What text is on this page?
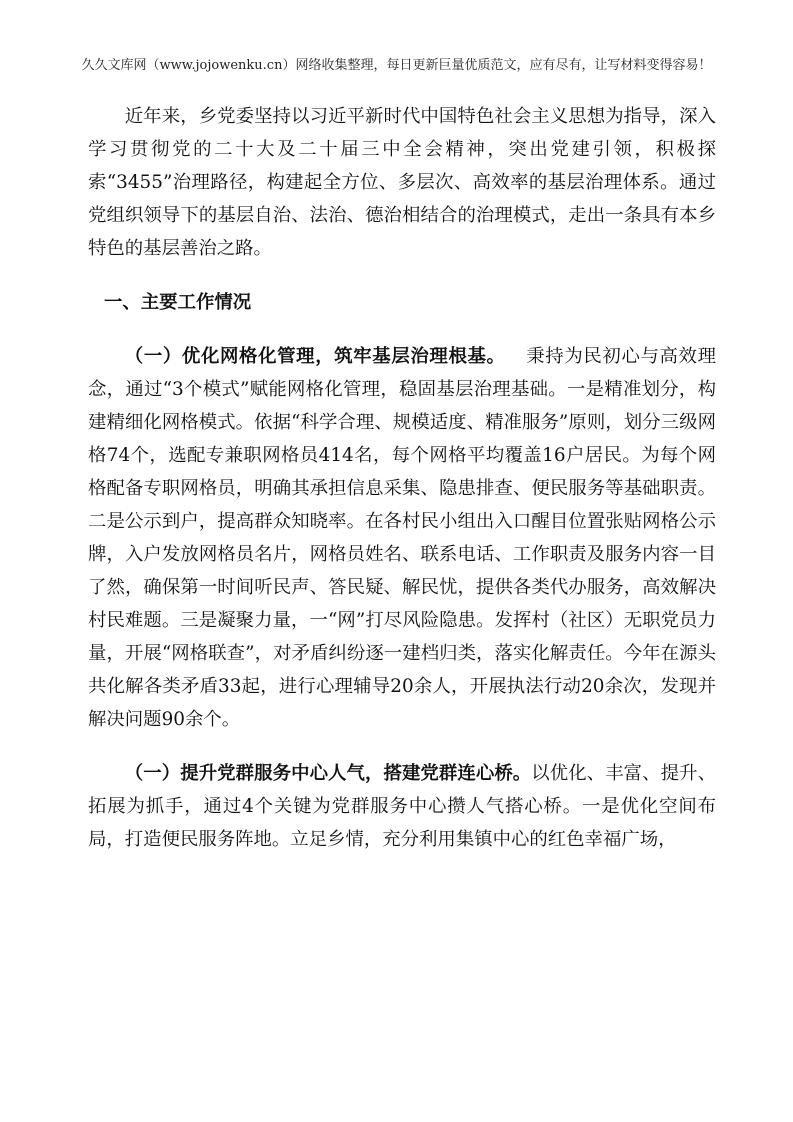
久久文库网（www.jojowenku.cn）网络收集整理，每日更新巨量优质范文，应有尽有，让写材料变得容易！

近年来，乡党委坚持以习近平新时代中国特色社会主义思想为指导，深入学习贯彻党的二十大及二十届三中全会精神，突出党建引领，积极探索“3455”治理路径，构建起全方位、多层次、高效率的基层治理体系。通过党组织领导下的基层自治、法治、德治相结合的治理模式，走出一条具有本乡特色的基层善治之路。

一、主要工作情况

（一）优化网格化管理，筑牢基层治理根基。 秉持为民初心与高效理念，通过“3个模式”赋能网格化管理，稳固基层治理基础。一是精准划分，构建精细化网格模式。依据“科学合理、规模适度、精准服务”原则，划分三级网格74个，选配专兼职网格员414名，每个网格平均覆盖16户居民。为每个网格配备专职网格员，明确其承担信息采集、隐患排查、便民服务等基础职责。二是公示到户，提高群众知晓率。在各村民小组出入口醒目位置张贴网格公示牌，入户发放网格员名片，网格员姓名、联系电话、工作职责及服务内容一目了然，确保第一时间听民声、答民疑、解民忧，提供各类代办服务，高效解决村民难题。三是凝聚力量，一“网”打尽风险隐患。发挥村（社区）无职党员力量，开展“网格联查”，对矛盾纠纷逐一建档归类，落实化解责任。今年在源头共化解各类矛盾33起，进行心理辅导20余人，开展执法行动20余次，发现并解决问题90余个。

（一）提升党群服务中心人气，搭建党群连心桥。以优化、丰富、提升、拓展为抓手，通过4个关键为党群服务中心攒人气搭心桥。一是优化空间布局，打造便民服务阵地。立足乡情，充分利用集镇中心的红色幸福广场，
